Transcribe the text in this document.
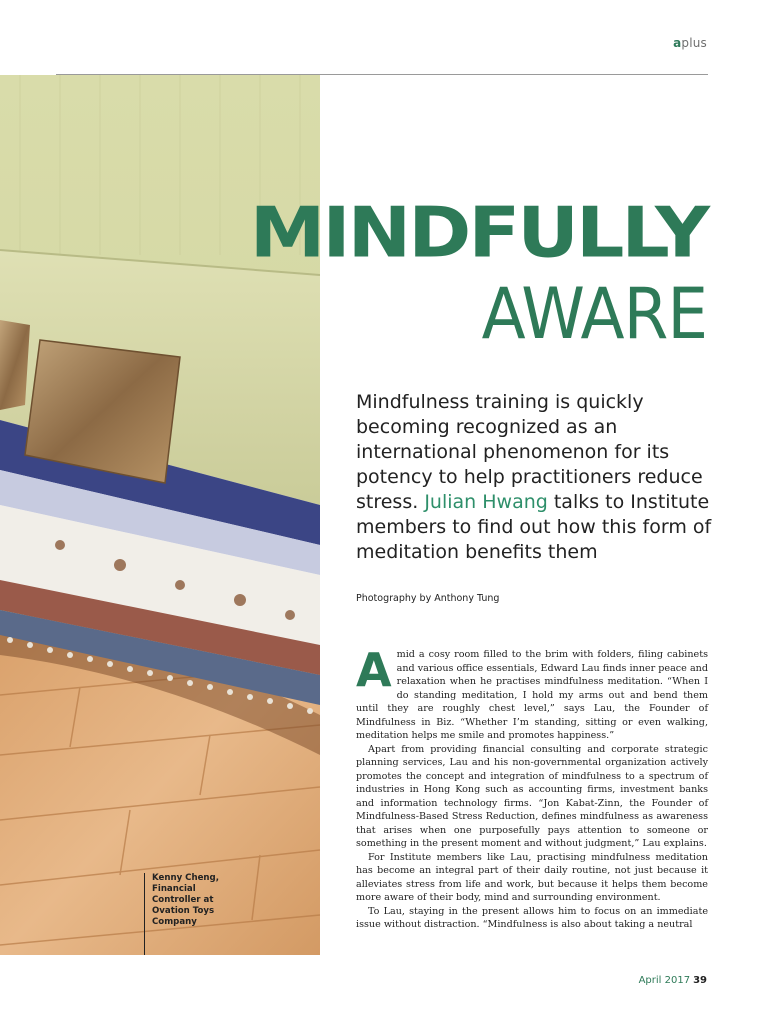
aplus
Kenny Cheng,
Financial
Controller at
Ovation Toys
Company
MINDFULLY
AWARE
Mindfulness training is quickly becoming recognized as an international phenomenon for its potency to help practitioners reduce stress. Julian Hwang talks to Institute members to find out how this form of meditation benefits them
Photography by Anthony Tung

Amid a cosy room filled to the brim with folders, filing cabinets and various office essentials, Edward Lau finds inner peace and relaxation when he practises mindfulness meditation. “When I do standing meditation, I hold my arms out and bend them until they are roughly chest level,” says Lau, the Founder of Mindfulness in Biz. “Whether I’m standing, sitting or even walking, meditation helps me smile and promotes happiness.”

Apart from providing financial consulting and corporate strategic planning services, Lau and his non-governmental organization actively promotes the concept and integration of mindfulness to a spectrum of industries in Hong Kong such as accounting firms, investment banks and information technology firms. “Jon Kabat-Zinn, the Founder of Mindfulness-Based Stress Reduction, defines mindfulness as awareness that arises when one purposefully pays attention to someone or something in the present moment and without judgment,” Lau explains.

For Institute members like Lau, practising mindfulness meditation has become an integral part of their daily routine, not just because it alleviates stress from life and work, but because it helps them become more aware of their body, mind and surrounding environment.

To Lau, staying in the present allows him to focus on an immediate issue without distraction. “Mindfulness is also about taking a neutral

April 2017 39
